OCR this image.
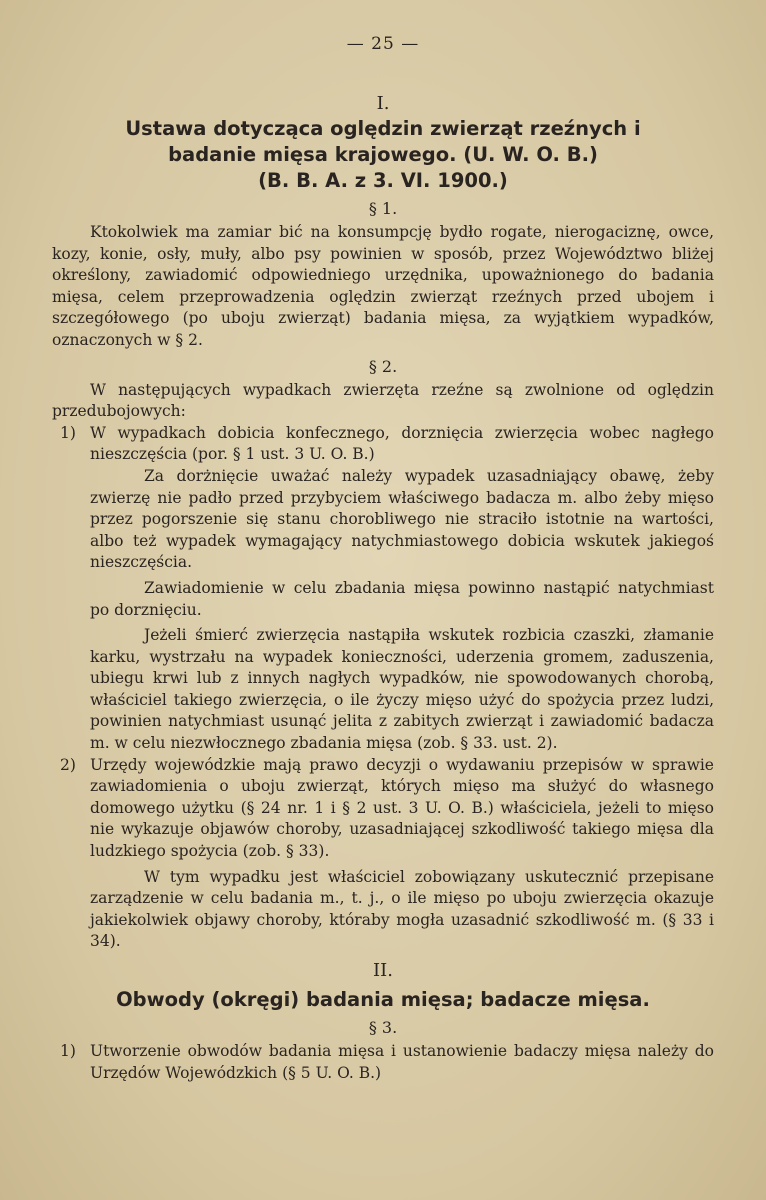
— 25 —
I.
Ustawa dotycząca oględzin zwierząt rzeźnych i
badanie mięsa krajowego. (U. W. O. B.)
(B. B. A. z 3. VI. 1900.)
§ 1.
Ktokolwiek ma zamiar bić na konsumpcję bydło rogate, nierogaciznę, owce, kozy, konie, osły, muły, albo psy powinien w sposób, przez Województwo bliżej określony, zawiadomić odpowiedniego urzędnika, upoważnionego do badania mięsa, celem przeprowadzenia oględzin zwierząt rzeźnych przed ubojem i szczegółowego (po uboju zwierząt) badania mięsa, za wyjątkiem wypadków, oznaczonych w § 2.
§ 2.
W następujących wypadkach zwierzęta rzeźne są zwolnione od oględzin przedubojowych:
1) W wypadkach dobicia konfecznego, dorznięcia zwierzęcia wobec nagłego nieszczęścia (por. § 1 ust. 3 U. O. B.)
Za dorżnięcie uważać należy wypadek uzasadniający obawę, żeby zwierzę nie padło przed przybyciem właściwego badacza m. albo żeby mięso przez pogorszenie się stanu chorobliwego nie straciło istotnie na wartości, albo też wypadek wymagający natychmiastowego dobicia wskutek jakiegoś nieszczęścia.
Zawiadomienie w celu zbadania mięsa powinno nastąpić natychmiast po dorznięciu.
Jeżeli śmierć zwierzęcia nastąpiła wskutek rozbicia czaszki, złamanie karku, wystrzału na wypadek konieczności, uderzenia gromem, zaduszenia, ubiegu krwi lub z innych nagłych wypadków, nie spowodowanych chorobą, właściciel takiego zwierzęcia, o ile życzy mięso użyć do spożycia przez ludzi, powinien natychmiast usunąć jelita z zabitych zwierząt i zawiadomić badacza m. w celu niezwłocznego zbadania mięsa (zob. § 33. ust. 2).
2) Urzędy wojewódzkie mają prawo decyzji o wydawaniu przepisów w sprawie zawiadomienia o uboju zwierząt, których mięso ma służyć do własnego domowego użytku (§ 24 nr. 1 i § 2 ust. 3 U. O. B.) właściciela, jeżeli to mięso nie wykazuje objawów choroby, uzasadniającej szkodliwość takiego mięsa dla ludzkiego spożycia (zob. § 33).
W tym wypadku jest właściciel zobowiązany uskutecznić przepisane zarządzenie w celu badania m., t. j., o ile mięso po uboju zwierzęcia okazuje jakiekolwiek objawy choroby, któraby mogła uzasadnić szkodliwość m. (§ 33 i 34).
II.
Obwody (okręgi) badania mięsa; badacze mięsa.
§ 3.
1) Utworzenie obwodów badania mięsa i ustanowienie badaczy mięsa należy do Urzędów Wojewódzkich (§ 5 U. O. B.)
